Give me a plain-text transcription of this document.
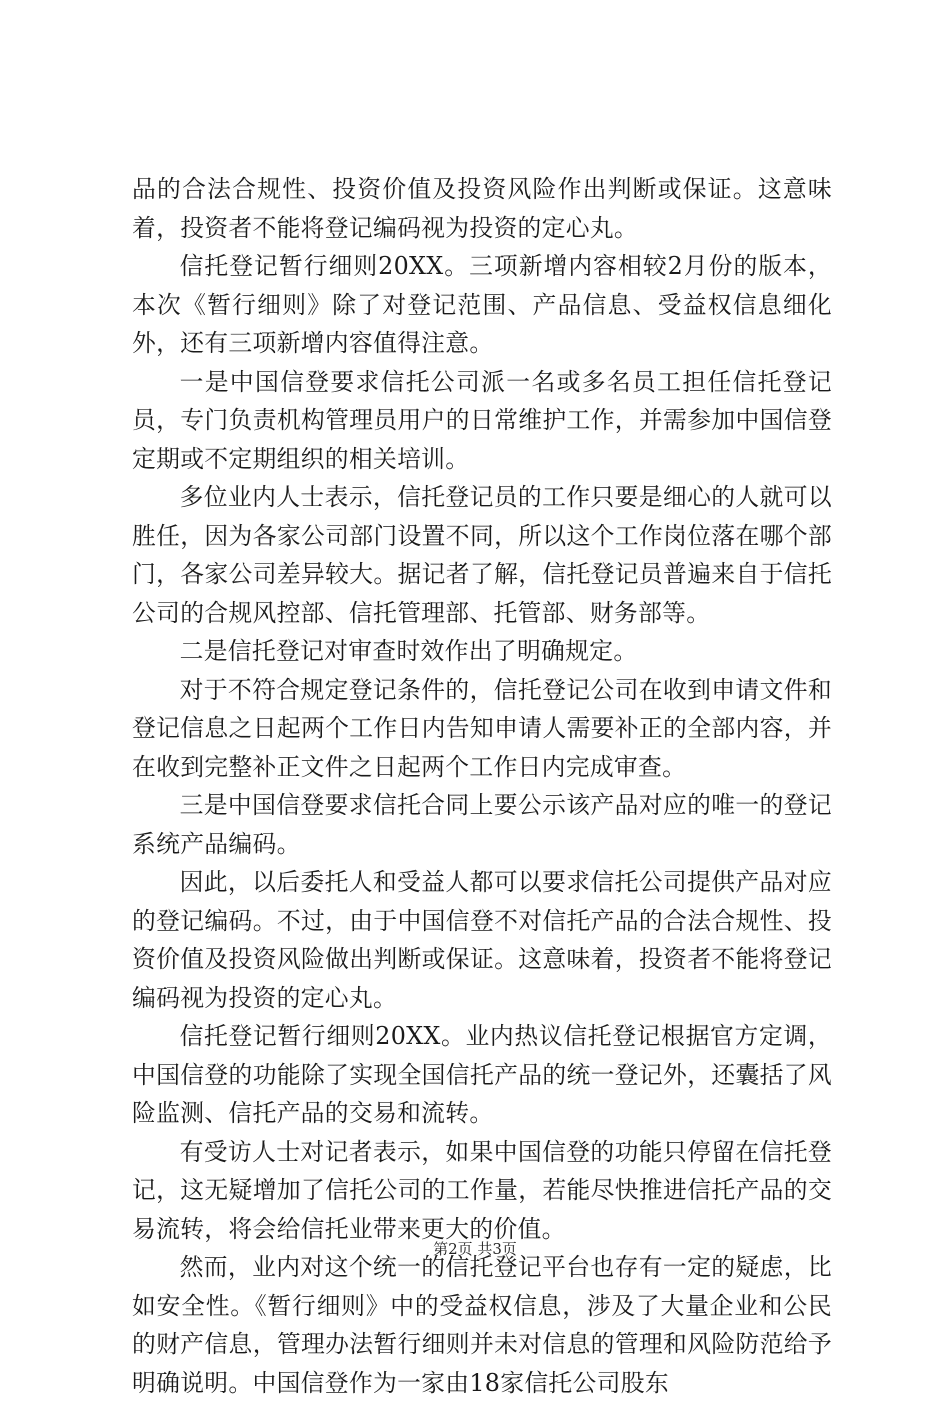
品的合法合规性、投资价值及投资风险作出判断或保证。这意味着，投资者不能将登记编码视为投资的定心丸。

信托登记暂行细则20XX。三项新增内容相较2月份的版本，本次《暂行细则》除了对登记范围、产品信息、受益权信息细化外，还有三项新增内容值得注意。

一是中国信登要求信托公司派一名或多名员工担任信托登记员，专门负责机构管理员用户的日常维护工作，并需参加中国信登定期或不定期组织的相关培训。

多位业内人士表示，信托登记员的工作只要是细心的人就可以胜任，因为各家公司部门设置不同，所以这个工作岗位落在哪个部门，各家公司差异较大。据记者了解，信托登记员普遍来自于信托公司的合规风控部、信托管理部、托管部、财务部等。

二是信托登记对审查时效作出了明确规定。

对于不符合规定登记条件的，信托登记公司在收到申请文件和登记信息之日起两个工作日内告知申请人需要补正的全部内容，并在收到完整补正文件之日起两个工作日内完成审查。

三是中国信登要求信托合同上要公示该产品对应的唯一的登记系统产品编码。

因此，以后委托人和受益人都可以要求信托公司提供产品对应的登记编码。不过，由于中国信登不对信托产品的合法合规性、投资价值及投资风险做出判断或保证。这意味着，投资者不能将登记编码视为投资的定心丸。

信托登记暂行细则20XX。业内热议信托登记根据官方定调，中国信登的功能除了实现全国信托产品的统一登记外，还囊括了风险监测、信托产品的交易和流转。

有受访人士对记者表示，如果中国信登的功能只停留在信托登记，这无疑增加了信托公司的工作量，若能尽快推进信托产品的交易流转，将会给信托业带来更大的价值。

然而，业内对这个统一的信托登记平台也存有一定的疑虑，比如安全性。《暂行细则》中的受益权信息，涉及了大量企业和公民的财产信息，管理办法暂行细则并未对信息的管理和风险防范给予明确说明。中国信登作为一家由18家信托公司股东

第2页 共3页
